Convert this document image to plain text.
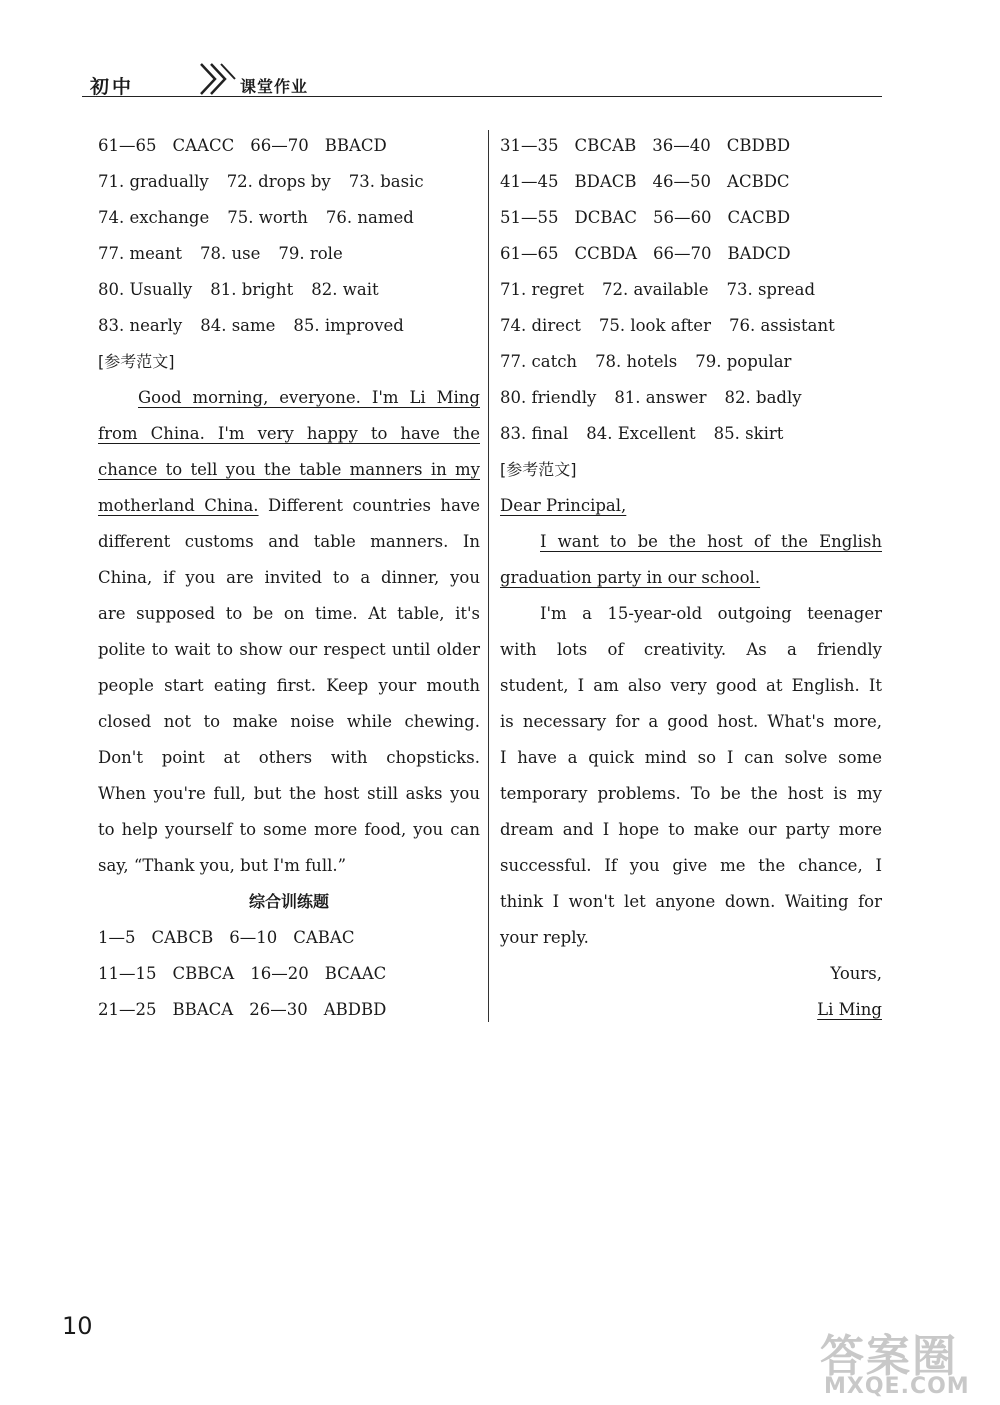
初中	课堂作业
61—65 CAACC 66—70 BBACD
71. gradually 72. drops by 73. basic
74. exchange 75. worth 76. named
77. meant 78. use 79. role
80. Usually 81. bright 82. wait
83. nearly 84. same 85. improved
[参考范文]
Good morning, everyone. I'm Li Ming
from China. I'm very happy to have the
chance to tell you the table manners in my
motherland China. Different countries have
different customs and table manners. In
China, if you are invited to a dinner, you
are supposed to be on time. At table, it's
polite to wait to show our respect until older
people start eating first. Keep your mouth
closed not to make noise while chewing.
Don't point at others with chopsticks.
When you're full, but the host still asks you
to help yourself to some more food, you can
say, “Thank you, but I'm full.”
综合训练题
1—5 CABCB 6—10 CABAC
11—15 CBBCA 16—20 BCAAC
21—25 BBACA 26—30 ABDBD
31—35 CBCAB 36—40 CBDBD
41—45 BDACB 46—50 ACBDC
51—55 DCBAC 56—60 CACBD
61—65 CCBDA 66—70 BADCD
71. regret 72. available 73. spread
74. direct 75. look after 76. assistant
77. catch 78. hotels 79. popular
80. friendly 81. answer 82. badly
83. final 84. Excellent 85. skirt
[参考范文]
Dear Principal,
I want to be the host of the English
graduation party in our school.
I'm a 15-year-old outgoing teenager
with lots of creativity. As a friendly
student, I am also very good at English. It
is necessary for a good host. What's more,
I have a quick mind so I can solve some
temporary problems. To be the host is my
dream and I hope to make our party more
successful. If you give me the chance, I
think I won't let anyone down. Waiting for
your reply.
Yours,
Li Ming
10
答案圈
MXQE.COM
